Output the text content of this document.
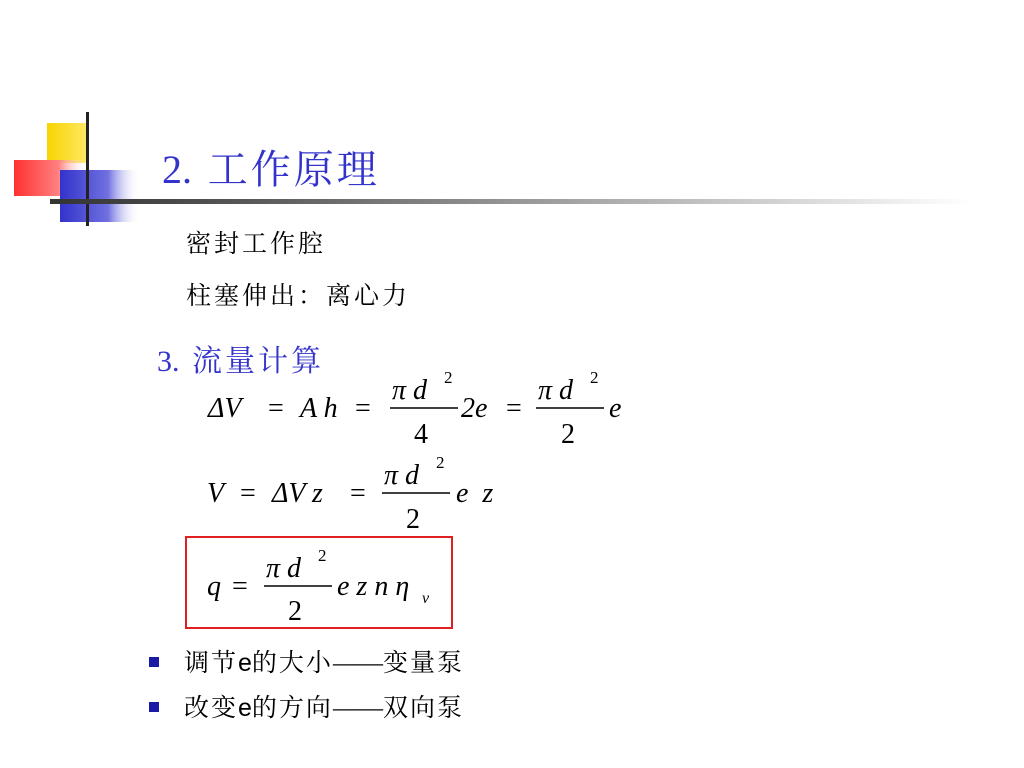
2. 工作原理
密封工作腔
柱塞伸出：离心力
3. 流量计算
ΔV = A h =
π d 2
4
2e =
π d 2
2
e
V = ΔV z =
π d 2
2
e  z
q =
π d 2
2
e z n η v
调节e的大小——变量泵
改变e的方向——双向泵
